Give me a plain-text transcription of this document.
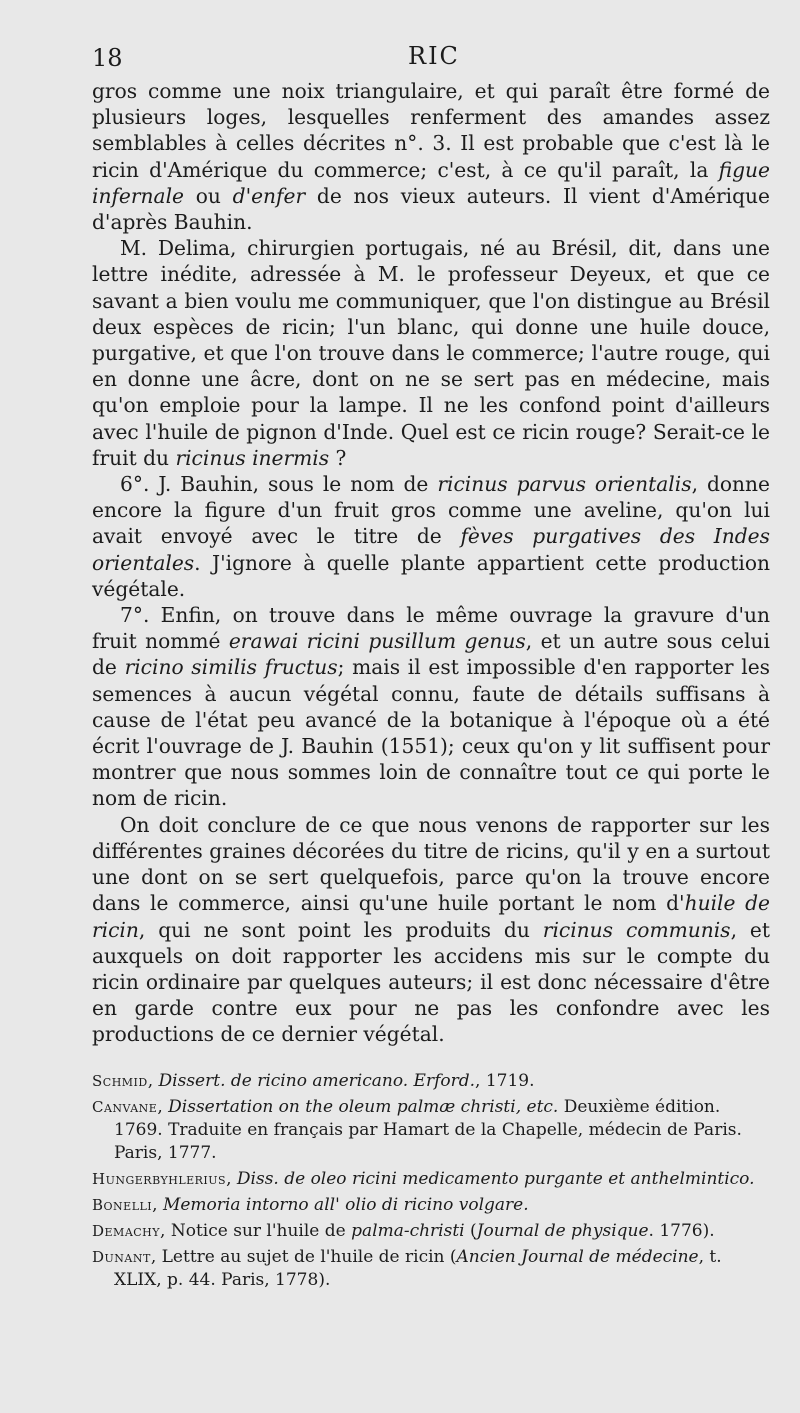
18	RIC

gros comme une noix triangulaire, et qui paraît être formé de plusieurs loges, lesquelles renferment des amandes assez semblables à celles décrites n°. 3. Il est probable que c'est là le ricin d'Amérique du commerce; c'est, à ce qu'il paraît, la figue infernale ou d'enfer de nos vieux auteurs. Il vient d'Amérique d'après Bauhin.

M. Delima, chirurgien portugais, né au Brésil, dit, dans une lettre inédite, adressée à M. le professeur Deyeux, et que ce savant a bien voulu me communiquer, que l'on distingue au Brésil deux espèces de ricin; l'un blanc, qui donne une huile douce, purgative, et que l'on trouve dans le commerce; l'autre rouge, qui en donne une âcre, dont on ne se sert pas en médecine, mais qu'on emploie pour la lampe. Il ne les confond point d'ailleurs avec l'huile de pignon d'Inde. Quel est ce ricin rouge? Serait-ce le fruit du ricinus inermis ?

6°. J. Bauhin, sous le nom de ricinus parvus orientalis, donne encore la figure d'un fruit gros comme une aveline, qu'on lui avait envoyé avec le titre de fèves purgatives des Indes orientales. J'ignore à quelle plante appartient cette production végétale.

7°. Enfin, on trouve dans le même ouvrage la gravure d'un fruit nommé erawai ricini pusillum genus, et un autre sous celui de ricino similis fructus; mais il est impossible d'en rapporter les semences à aucun végétal connu, faute de détails suffisans à cause de l'état peu avancé de la botanique à l'époque où a été écrit l'ouvrage de J. Bauhin (1551); ceux qu'on y lit suffisent pour montrer que nous sommes loin de connaître tout ce qui porte le nom de ricin.

On doit conclure de ce que nous venons de rapporter sur les différentes graines décorées du titre de ricins, qu'il y en a surtout une dont on se sert quelquefois, parce qu'on la trouve encore dans le commerce, ainsi qu'une huile portant le nom d'huile de ricin, qui ne sont point les produits du ricinus communis, et auxquels on doit rapporter les accidens mis sur le compte du ricin ordinaire par quelques auteurs; il est donc nécessaire d'être en garde contre eux pour ne pas les confondre avec les productions de ce dernier végétal.

Schmid, Dissert. de ricino americano. Erford., 1719.
Canvane, Dissertation on the oleum palmæ christi, etc. Deuxième édition. 1769. Traduite en français par Hamart de la Chapelle, médecin de Paris. Paris, 1777.
Hungerbyhlerius, Diss. de oleo ricini medicamento purgante et anthelmintico.
Bonelli, Memoria intorno all' olio di ricino volgare.
Demachy, Notice sur l'huile de palma-christi (Journal de physique. 1776).
Dunant, Lettre au sujet de l'huile de ricin (Ancien Journal de médecine, t. XLIX, p. 44. Paris, 1778).
